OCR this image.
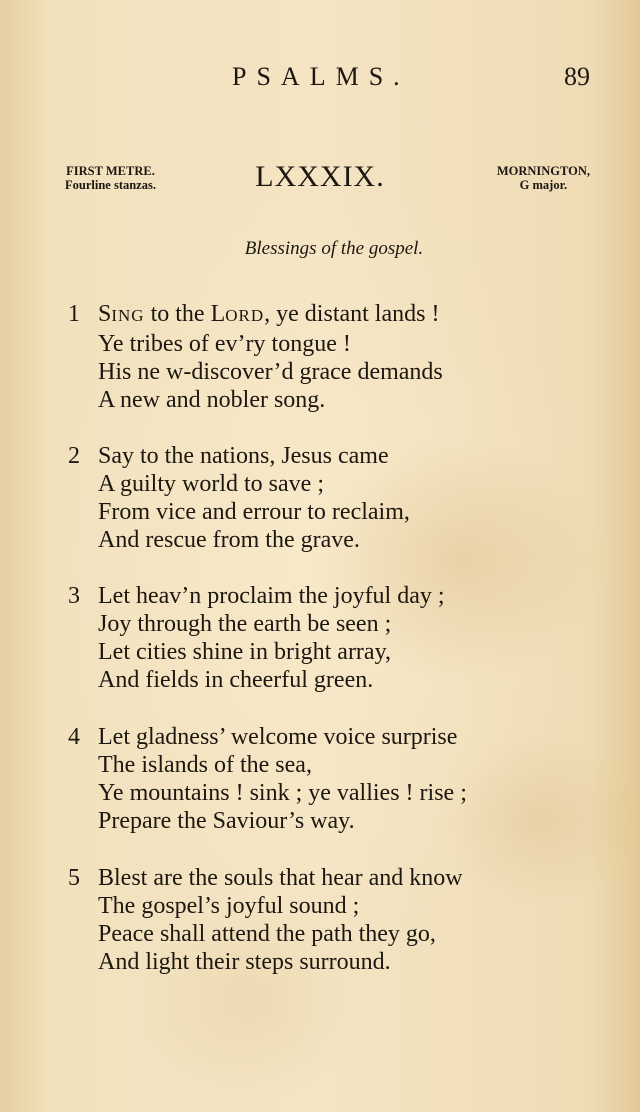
PSALMS.	89
FIRST METRE.
Fourline stanzas.	LXXXIX.	MORNINGTON,
G major.
Blessings of the gospel.
1 SING to the LORD, ye distant lands !
Ye tribes of ev’ry tongue !
His ne w-discover’d grace demands
A new and nobler song.
2 Say to the nations, Jesus came
A guilty world to save ;
From vice and errour to reclaim,
And rescue from the grave.
3 Let heav’n proclaim the joyful day ;
Joy through the earth be seen ;
Let cities shine in bright array,
And fields in cheerful green.
4 Let gladness’ welcome voice surprise
The islands of the sea,
Ye mountains ! sink ; ye vallies ! rise ;
Prepare the Saviour’s way.
5 Blest are the souls that hear and know
The gospel’s joyful sound ;
Peace shall attend the path they go,
And light their steps surround.
